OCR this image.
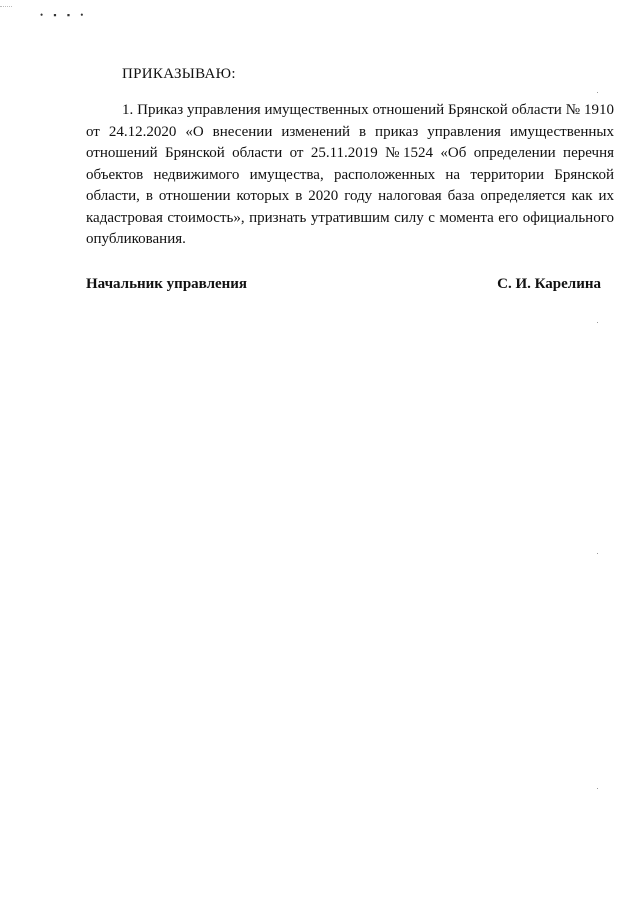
• ▪ ▪ •
ПРИКАЗЫВАЮ:

1. Приказ управления имущественных отношений Брянской области № 1910 от 24.12.2020 «О внесении изменений в приказ управления имущественных отношений Брянской области от 25.11.2019 №1524 «Об определении перечня объектов недвижимого имущества, расположенных на территории Брянской области, в отношении которых в 2020 году налоговая база определяется как их кадастровая стоимость», признать утратившим силу с момента его официального опубликования.

Начальник управления	С. И. Карелина
